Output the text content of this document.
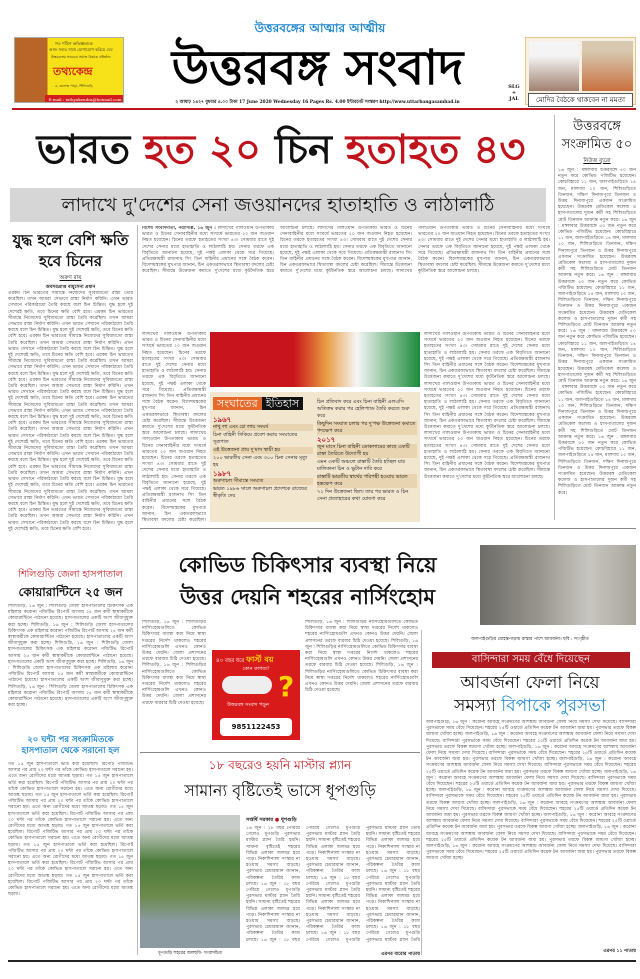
গত পাঁচিশ অভিজ্ঞতাকে
আজ সবার সাথে যোগাযোগ করিয়ে দেয়
উত্তরবঙ্গের সবচেয়ে সমাজ বিষয়ক প্রতিষ্ঠান
তথ্যকেন্দ্র
৫, কলেজ পাড়া, শিলিগুড়ি
E-mail : tathyakendra@hotmail.com
উত্তরবঙ্গের আত্মার আত্মীয়
উত্তরবঙ্গ সংবাদ
২ আষাঢ় ১৪২৭ বুধবার ৪.০০ টাকা 17 June 2020 Wednesday 16 Pages Rs. 4.00 ইন্টারনেট সংস্করণ http://www.uttarbangasambad.in
SLG + JAL	মোদির বৈঠকে থাকবেন না মমতা
ভারত হত ২০ চিন হতাহত ৪৩
লাদাখে দু'দেশের সেনা জওয়ানদের হাতাহাতি ও লাঠালাঠি
উত্তরবঙ্গে সংক্রামিত ৫০
নিউজ ব্যুরো
১৬ জুন : মঙ্গলবার উত্তরবঙ্গে ৫০ জন নতুন করে কোভিড পজিটিভ হয়েছেন। কোচবিহারে ১১ জন, জলপাইগুড়িতে ১৪ জন, মালদায় ১০ জন, শিলিগুড়িতে তিনজন, দক্ষিণ দিনাজপুরে তিনজন ও উত্তর দিনাজপুরে একজন সংক্রামিত হয়েছেন। উত্তরবঙ্গ মেডিকেল কলেজ ও হাসপাতালের দুজন কর্মী সহ শিলিগুড়িতে মোট তিনজন আক্রান্ত নতুন করে। ১৬ জুন : মঙ্গলবার উত্তরবঙ্গে ৫০ জন নতুন করে কোভিড পজিটিভ হয়েছেন। কোচবিহারে ১১ জন, জলপাইগুড়িতে ১৪ জন, মালদায় ১০ জন, শিলিগুড়িতে তিনজন, দক্ষিণ দিনাজপুরে তিনজন ও উত্তর দিনাজপুরে একজন সংক্রামিত হয়েছেন। উত্তরবঙ্গ মেডিকেল কলেজ ও হাসপাতালের দুজন কর্মী সহ শিলিগুড়িতে মোট তিনজন আক্রান্ত নতুন করে। ১৬ জুন : মঙ্গলবার উত্তরবঙ্গে ৫০ জন নতুন করে কোভিড পজিটিভ হয়েছেন। কোচবিহারে ১১ জন, জলপাইগুড়িতে ১৪ জন, মালদায় ১০ জন, শিলিগুড়িতে তিনজন, দক্ষিণ দিনাজপুরে তিনজন ও উত্তর দিনাজপুরে একজন সংক্রামিত হয়েছেন। উত্তরবঙ্গ মেডিকেল কলেজ ও হাসপাতালের দুজন কর্মী সহ শিলিগুড়িতে মোট তিনজন আক্রান্ত নতুন করে। ১৬ জুন : মঙ্গলবার উত্তরবঙ্গে ৫০ জন নতুন করে কোভিড পজিটিভ হয়েছেন। কোচবিহারে ১১ জন, জলপাইগুড়িতে ১৪ জন, মালদায় ১০ জন, শিলিগুড়িতে তিনজন, দক্ষিণ দিনাজপুরে তিনজন ও উত্তর দিনাজপুরে একজন সংক্রামিত হয়েছেন। উত্তরবঙ্গ মেডিকেল কলেজ ও হাসপাতালের দুজন কর্মী সহ শিলিগুড়িতে মোট তিনজন আক্রান্ত নতুন করে। ১৬ জুন : মঙ্গলবার উত্তরবঙ্গে ৫০ জন নতুন করে কোভিড পজিটিভ হয়েছেন। কোচবিহারে ১১ জন, জলপাইগুড়িতে ১৪ জন, মালদায় ১০ জন, শিলিগুড়িতে তিনজন, দক্ষিণ দিনাজপুরে তিনজন ও উত্তর দিনাজপুরে একজন সংক্রামিত হয়েছেন। উত্তরবঙ্গ মেডিকেল কলেজ ও হাসপাতালের দুজন কর্মী সহ শিলিগুড়িতে মোট তিনজন আক্রান্ত নতুন করে। ১৬ জুন : মঙ্গলবার উত্তরবঙ্গে ৫০ জন নতুন করে কোভিড পজিটিভ হয়েছেন। কোচবিহারে ১১ জন, জলপাইগুড়িতে ১৪ জন, মালদায় ১০ জন, শিলিগুড়িতে তিনজন, দক্ষিণ দিনাজপুরে তিনজন ও উত্তর দিনাজপুরে একজন সংক্রামিত হয়েছেন। উত্তরবঙ্গ মেডিকেল কলেজ ও হাসপাতালের দুজন কর্মী সহ শিলিগুড়িতে মোট তিনজন আক্রান্ত নতুন করে।
যুদ্ধ হলে বেশি ক্ষতি হবে চিনের
অরুণ রায়
অবসরপ্রাপ্ত বায়ুসেনা প্রধান
এরকম চিন ভারতের সীমান্তে নিজেদের সুবিধামতো রাস্তা তৈরি করেছিল। তখন আমরা সেভাবে রাস্তা নির্মাণ করিনি। এখন ভারত সেখানে পরিকাঠামো তৈরি করছে বলে চিন চিন্তিত। যুদ্ধ হলে দুই দেশেরই ক্ষতি, তবে চিনের ক্ষতি বেশি হবে। এরকম চিন ভারতের সীমান্তে নিজেদের সুবিধামতো রাস্তা তৈরি করেছিল। তখন আমরা সেভাবে রাস্তা নির্মাণ করিনি। এখন ভারত সেখানে পরিকাঠামো তৈরি করছে বলে চিন চিন্তিত। যুদ্ধ হলে দুই দেশেরই ক্ষতি, তবে চিনের ক্ষতি বেশি হবে। এরকম চিন ভারতের সীমান্তে নিজেদের সুবিধামতো রাস্তা তৈরি করেছিল। তখন আমরা সেভাবে রাস্তা নির্মাণ করিনি। এখন ভারত সেখানে পরিকাঠামো তৈরি করছে বলে চিন চিন্তিত। যুদ্ধ হলে দুই দেশেরই ক্ষতি, তবে চিনের ক্ষতি বেশি হবে। এরকম চিন ভারতের সীমান্তে নিজেদের সুবিধামতো রাস্তা তৈরি করেছিল। তখন আমরা সেভাবে রাস্তা নির্মাণ করিনি। এখন ভারত সেখানে পরিকাঠামো তৈরি করছে বলে চিন চিন্তিত। যুদ্ধ হলে দুই দেশেরই ক্ষতি, তবে চিনের ক্ষতি বেশি হবে। এরকম চিন ভারতের সীমান্তে নিজেদের সুবিধামতো রাস্তা তৈরি করেছিল। তখন আমরা সেভাবে রাস্তা নির্মাণ করিনি। এখন ভারত সেখানে পরিকাঠামো তৈরি করছে বলে চিন চিন্তিত। যুদ্ধ হলে দুই দেশেরই ক্ষতি, তবে চিনের ক্ষতি বেশি হবে। এরকম চিন ভারতের সীমান্তে নিজেদের সুবিধামতো রাস্তা তৈরি করেছিল। তখন আমরা সেভাবে রাস্তা নির্মাণ করিনি। এখন ভারত সেখানে পরিকাঠামো তৈরি করছে বলে চিন চিন্তিত। যুদ্ধ হলে দুই দেশেরই ক্ষতি, তবে চিনের ক্ষতি বেশি হবে। এরকম চিন ভারতের সীমান্তে নিজেদের সুবিধামতো রাস্তা তৈরি করেছিল। তখন আমরা সেভাবে রাস্তা নির্মাণ করিনি। এখন ভারত সেখানে পরিকাঠামো তৈরি করছে বলে চিন চিন্তিত। যুদ্ধ হলে দুই দেশেরই ক্ষতি, তবে চিনের ক্ষতি বেশি হবে। এরকম চিন ভারতের সীমান্তে নিজেদের সুবিধামতো রাস্তা তৈরি করেছিল। তখন আমরা সেভাবে রাস্তা নির্মাণ করিনি। এখন ভারত সেখানে পরিকাঠামো তৈরি করছে বলে চিন চিন্তিত। যুদ্ধ হলে দুই দেশেরই ক্ষতি, তবে চিনের ক্ষতি বেশি হবে। এরকম চিন ভারতের সীমান্তে নিজেদের সুবিধামতো রাস্তা তৈরি করেছিল। তখন আমরা সেভাবে রাস্তা নির্মাণ করিনি। এখন ভারত সেখানে পরিকাঠামো তৈরি করছে বলে চিন চিন্তিত। যুদ্ধ হলে দুই দেশেরই ক্ষতি, তবে চিনের ক্ষতি বেশি হবে। এরকম চিন ভারতের সীমান্তে নিজেদের সুবিধামতো রাস্তা তৈরি করেছিল। তখন আমরা সেভাবে রাস্তা নির্মাণ করিনি। এখন ভারত সেখানে পরিকাঠামো তৈরি করছে বলে চিন চিন্তিত। যুদ্ধ হলে দুই দেশেরই ক্ষতি, তবে চিনের ক্ষতি বেশি হবে। এরকম চিন ভারতের সীমান্তে নিজেদের সুবিধামতো রাস্তা তৈরি করেছিল। তখন আমরা সেভাবে রাস্তা নির্মাণ করিনি। এখন ভারত সেখানে পরিকাঠামো তৈরি করছে বলে চিন চিন্তিত। যুদ্ধ হলে দুই দেশেরই ক্ষতি, তবে চিনের ক্ষতি বেশি হবে।
বিশেষ সংবাদদাতা, নয়াদিল্লি, ১৬ জুন : লাদাখের গালওয়ান উপত্যকায় ভারত ও চিনের সেনাবাহিনীর মধ্যে সংঘর্ষে ভারতের ২০ জন জওয়ান নিহত হয়েছেন। চিনের তরফে হতাহতের সংখ্যা ৪৩। সোমবার রাতে দুই দেশের সেনার মধ্যে হাতাহাতি ও লাঠালাঠি হয়। সেনার তরফে এক বিবৃতিতে জানানো হয়েছে, দুই পক্ষই এলাকা থেকে সরে গিয়েছে। প্রতিরক্ষামন্ত্রী রাজনাথ সিং তিন বাহিনীর প্রধানের সঙ্গে বৈঠক করেন। বিদেশমন্ত্রকের মুখপাত্র জানান, চিন একতরফাভাবে স্থিতাবস্থা বদলের চেষ্টা করেছিল। সীমান্তে উত্তেজনা কমাতে দু'দেশের মধ্যে কূটনৈতিক স্তরে আলোচনা চলছে। লাদাখের গালওয়ান উপত্যকায় ভারত ও চিনের সেনাবাহিনীর মধ্যে সংঘর্ষে ভারতের ২০ জন জওয়ান নিহত হয়েছেন। চিনের তরফে হতাহতের সংখ্যা ৪৩। সোমবার রাতে দুই দেশের সেনার মধ্যে হাতাহাতি ও লাঠালাঠি হয়। সেনার তরফে এক বিবৃতিতে জানানো হয়েছে, দুই পক্ষই এলাকা থেকে সরে গিয়েছে। প্রতিরক্ষামন্ত্রী রাজনাথ সিং তিন বাহিনীর প্রধানের সঙ্গে বৈঠক করেন। বিদেশমন্ত্রকের মুখপাত্র জানান, চিন একতরফাভাবে স্থিতাবস্থা বদলের চেষ্টা করেছিল। সীমান্তে উত্তেজনা কমাতে দু'দেশের মধ্যে কূটনৈতিক স্তরে আলোচনা চলছে। লাদাখের গালওয়ান উপত্যকায় ভারত ও চিনের সেনাবাহিনীর মধ্যে সংঘর্ষে ভারতের ২০ জন জওয়ান নিহত হয়েছেন। চিনের তরফে হতাহতের সংখ্যা ৪৩। সোমবার রাতে দুই দেশের সেনার মধ্যে হাতাহাতি ও লাঠালাঠি হয়। সেনার তরফে এক বিবৃতিতে জানানো হয়েছে, দুই পক্ষই এলাকা থেকে সরে গিয়েছে। প্রতিরক্ষামন্ত্রী রাজনাথ সিং তিন বাহিনীর প্রধানের সঙ্গে বৈঠক করেন। বিদেশমন্ত্রকের মুখপাত্র জানান, চিন একতরফাভাবে স্থিতাবস্থা বদলের চেষ্টা করেছিল। সীমান্তে উত্তেজনা কমাতে দু'দেশের মধ্যে কূটনৈতিক স্তরে আলোচনা চলছে।
লাদাখের গালওয়ান উপত্যকায় ভারত ও চিনের সেনাবাহিনীর মধ্যে সংঘর্ষে ভারতের ২০ জন জওয়ান নিহত হয়েছেন। চিনের তরফে হতাহতের সংখ্যা ৪৩। সোমবার রাতে দুই দেশের সেনার মধ্যে হাতাহাতি ও লাঠালাঠি হয়। সেনার তরফে এক বিবৃতিতে জানানো হয়েছে, দুই পক্ষই এলাকা থেকে সরে গিয়েছে। প্রতিরক্ষামন্ত্রী রাজনাথ সিং তিন বাহিনীর প্রধানের সঙ্গে বৈঠক করেন। বিদেশমন্ত্রকের মুখপাত্র জানান, চিন একতরফাভাবে স্থিতাবস্থা বদলের চেষ্টা করেছিল। সীমান্তে উত্তেজনা কমাতে দু'দেশের মধ্যে কূটনৈতিক স্তরে আলোচনা চলছে। লাদাখের গালওয়ান উপত্যকায় ভারত ও চিনের সেনাবাহিনীর মধ্যে সংঘর্ষে ভারতের ২০ জন জওয়ান নিহত হয়েছেন। চিনের তরফে হতাহতের সংখ্যা ৪৩। সোমবার রাতে দুই দেশের সেনার মধ্যে হাতাহাতি ও লাঠালাঠি হয়। সেনার তরফে এক বিবৃতিতে জানানো হয়েছে, দুই পক্ষই এলাকা থেকে সরে গিয়েছে। প্রতিরক্ষামন্ত্রী রাজনাথ সিং তিন বাহিনীর প্রধানের সঙ্গে বৈঠক করেন। বিদেশমন্ত্রকের মুখপাত্র জানান, চিন একতরফাভাবে স্থিতাবস্থা বদলের চেষ্টা করেছিল।
লাদাখের গালওয়ান উপত্যকায় ভারত ও চিনের সেনাবাহিনীর মধ্যে সংঘর্ষে ভারতের ২০ জন জওয়ান নিহত হয়েছেন। চিনের তরফে হতাহতের সংখ্যা ৪৩। সোমবার রাতে দুই দেশের সেনার মধ্যে হাতাহাতি ও লাঠালাঠি হয়। সেনার তরফে এক বিবৃতিতে জানানো হয়েছে, দুই পক্ষই এলাকা থেকে সরে গিয়েছে। প্রতিরক্ষামন্ত্রী রাজনাথ সিং তিন বাহিনীর প্রধানের সঙ্গে বৈঠক করেন। বিদেশমন্ত্রকের মুখপাত্র জানান, চিন একতরফাভাবে স্থিতাবস্থা বদলের চেষ্টা করেছিল। সীমান্তে উত্তেজনা কমাতে দু'দেশের মধ্যে কূটনৈতিক স্তরে আলোচনা চলছে। লাদাখের গালওয়ান উপত্যকায় ভারত ও চিনের সেনাবাহিনীর মধ্যে সংঘর্ষে ভারতের ২০ জন জওয়ান নিহত হয়েছেন। চিনের তরফে হতাহতের সংখ্যা ৪৩। সোমবার রাতে দুই দেশের সেনার মধ্যে হাতাহাতি ও লাঠালাঠি হয়। সেনার তরফে এক বিবৃতিতে জানানো হয়েছে, দুই পক্ষই এলাকা থেকে সরে গিয়েছে। প্রতিরক্ষামন্ত্রী রাজনাথ সিং তিন বাহিনীর প্রধানের সঙ্গে বৈঠক করেন। বিদেশমন্ত্রকের মুখপাত্র জানান, চিন একতরফাভাবে স্থিতাবস্থা বদলের চেষ্টা করেছিল। সীমান্তে উত্তেজনা কমাতে দু'দেশের মধ্যে কূটনৈতিক স্তরে আলোচনা চলছে। লাদাখের গালওয়ান উপত্যকায় ভারত ও চিনের সেনাবাহিনীর মধ্যে সংঘর্ষে ভারতের ২০ জন জওয়ান নিহত হয়েছেন। চিনের তরফে হতাহতের সংখ্যা ৪৩। সোমবার রাতে দুই দেশের সেনার মধ্যে হাতাহাতি ও লাঠালাঠি হয়। সেনার তরফে এক বিবৃতিতে জানানো হয়েছে, দুই পক্ষই এলাকা থেকে সরে গিয়েছে। প্রতিরক্ষামন্ত্রী রাজনাথ সিং তিন বাহিনীর প্রধানের সঙ্গে বৈঠক করেন। বিদেশমন্ত্রকের মুখপাত্র জানান, চিন একতরফাভাবে স্থিতাবস্থা বদলের চেষ্টা করেছিল। সীমান্তে উত্তেজনা কমাতে দু'দেশের মধ্যে কূটনৈতিক স্তরে আলোচনা চলছে।
সংঘাতের ইতিহাস
১৯৬৭
নাথু লা এবং চো লায় সংঘর্ষ
চিনা বাহিনী সিকিমে প্রবেশ করায় সংঘাতের সূত্রপাত
এই উত্তেজনা প্রায় দু'মাস স্থায়ী হয়
২০০ ভারতীয় সেনা এবং ৩০০ চিনা সেনার মৃত্যু হয়
১৯৮৭
অরুণাচল সীমান্তে সংঘাত
ভারত ১৯৮৬ সালে অরুণাচল প্রদেশকে রাজ্যের স্বীকৃতি দেয়
চিন প্রতিবাদ করে এবং চিনা বাহিনী এলএসি অতিক্রম করার পর হেলিপ্যাড তৈরি করতে শুরু করে
কিছুদিন সংঘাত চলার পর দু'পক্ষ উত্তেজনা কমাতে পদক্ষেপ করে
২০১৭
জুন মাসে চিনা বাহিনী ডোকলামের কাছে একটি রাস্তা তৈরিতে উদ্যোগী হয়
এমন একটি অঞ্চলে রাস্তাটি তৈরি হচ্ছিল যার মালিকানা চিন ও ভুটান দাবি করে
রাস্তাটি ভারতীয় স্বার্থের পরিপন্থী হওয়ায় ভারত হস্তক্ষেপ করে
৭২ দিন উত্তেজনা ছিল। তার পর ভারত ও চিন সেনা প্রত্যাহারের কথা ঘোষণা করে
শিলিগুড়ি জেলা হাসপাতাল
কোয়ারান্টিনে ২৫ জন
শিলিগুড়ি, ১৬ জুন : শিলিগুড়ি জেলা হাসপাতালের চিকিৎসক এক মহিলার করোনা পজিটিভ রিপোর্ট আসায় ২৫ জন কর্মী স্বাস্থ্যকর্মীকে কোয়ারান্টিনে পাঠানো হয়েছে। হাসপাতালের একটি অংশ জীবাণুমুক্ত করা হচ্ছে। শিলিগুড়ি, ১৬ জুন : শিলিগুড়ি জেলা হাসপাতালের চিকিৎসক এক মহিলার করোনা পজিটিভ রিপোর্ট আসায় ২৫ জন কর্মী স্বাস্থ্যকর্মীকে কোয়ারান্টিনে পাঠানো হয়েছে। হাসপাতালের একটি অংশ জীবাণুমুক্ত করা হচ্ছে। শিলিগুড়ি, ১৬ জুন : শিলিগুড়ি জেলা হাসপাতালের চিকিৎসক এক মহিলার করোনা পজিটিভ রিপোর্ট আসায় ২৫ জন কর্মী স্বাস্থ্যকর্মীকে কোয়ারান্টিনে পাঠানো হয়েছে। হাসপাতালের একটি অংশ জীবাণুমুক্ত করা হচ্ছে। শিলিগুড়ি, ১৬ জুন : শিলিগুড়ি জেলা হাসপাতালের চিকিৎসক এক মহিলার করোনা পজিটিভ রিপোর্ট আসায় ২৫ জন কর্মী স্বাস্থ্যকর্মীকে কোয়ারান্টিনে পাঠানো হয়েছে। হাসপাতালের একটি অংশ জীবাণুমুক্ত করা হচ্ছে। শিলিগুড়ি, ১৬ জুন : শিলিগুড়ি জেলা হাসপাতালের চিকিৎসক এক মহিলার করোনা পজিটিভ রিপোর্ট আসায় ২৫ জন কর্মী স্বাস্থ্যকর্মীকে কোয়ারান্টিনে পাঠানো হয়েছে। হাসপাতালের একটি অংশ জীবাণুমুক্ত করা হচ্ছে।
২০ ঘন্টা পর সংক্রামিতকে হাসপাতাল থেকে সরানো হল
গত ১৫ জুন হাসপাতালে ভর্তি করা হয়েছিল। রিপোর্ট পজিটিভ আসার পর প্রায় ২০ ঘন্টা পর তাঁকে কোভিড হাসপাতালে সরানো হয়। এতে অন্য রোগীদের মধ্যে আতঙ্ক ছড়ায়। গত ১৫ জুন হাসপাতালে ভর্তি করা হয়েছিল। রিপোর্ট পজিটিভ আসার পর প্রায় ২০ ঘন্টা পর তাঁকে কোভিড হাসপাতালে সরানো হয়। এতে অন্য রোগীদের মধ্যে আতঙ্ক ছড়ায়। গত ১৫ জুন হাসপাতালে ভর্তি করা হয়েছিল। রিপোর্ট পজিটিভ আসার পর প্রায় ২০ ঘন্টা পর তাঁকে কোভিড হাসপাতালে সরানো হয়। এতে অন্য রোগীদের মধ্যে আতঙ্ক ছড়ায়। গত ১৫ জুন হাসপাতালে ভর্তি করা হয়েছিল। রিপোর্ট পজিটিভ আসার পর প্রায় ২০ ঘন্টা পর তাঁকে কোভিড হাসপাতালে সরানো হয়। এতে অন্য রোগীদের মধ্যে আতঙ্ক ছড়ায়। গত ১৫ জুন হাসপাতালে ভর্তি করা হয়েছিল। রিপোর্ট পজিটিভ আসার পর প্রায় ২০ ঘন্টা পর তাঁকে কোভিড হাসপাতালে সরানো হয়। এতে অন্য রোগীদের মধ্যে আতঙ্ক ছড়ায়। গত ১৫ জুন হাসপাতালে ভর্তি করা হয়েছিল। রিপোর্ট পজিটিভ আসার পর প্রায় ২০ ঘন্টা পর তাঁকে কোভিড হাসপাতালে সরানো হয়। এতে অন্য রোগীদের মধ্যে আতঙ্ক ছড়ায়। গত ১৫ জুন হাসপাতালে ভর্তি করা হয়েছিল। রিপোর্ট পজিটিভ আসার পর প্রায় ২০ ঘন্টা পর তাঁকে কোভিড হাসপাতালে সরানো হয়। এতে অন্য রোগীদের মধ্যে আতঙ্ক ছড়ায়। গত ১৫ জুন হাসপাতালে ভর্তি করা হয়েছিল। রিপোর্ট পজিটিভ আসার পর প্রায় ২০ ঘন্টা পর তাঁকে কোভিড হাসপাতালে সরানো হয়। এতে অন্য রোগীদের মধ্যে আতঙ্ক ছড়ায়।
কোভিড চিকিৎসার ব্যবস্থা নিয়ে
উত্তর দেয়নি শহরের নার্সিংহোম
শিলিগুড়ি, ১৬ জুন : শিলিগুড়ির নার্সিংহোমগুলিতে কোভিড চিকিৎসার ব্যবস্থা করা নিয়ে স্বাস্থ্য দপ্তরের নির্দেশ থাকলেও শহরের নার্সিংহোমগুলি এখনও কোনও উত্তর দেয়নি। জেলা প্রশাসনের তরফে বারবার চিঠি দেওয়া হয়েছে। শিলিগুড়ি, ১৬ জুন : শিলিগুড়ির নার্সিংহোমগুলিতে কোভিড চিকিৎসার ব্যবস্থা করা নিয়ে স্বাস্থ্য দপ্তরের নির্দেশ থাকলেও শহরের নার্সিংহোমগুলি এখনও কোনও উত্তর দেয়নি। জেলা প্রশাসনের তরফে বারবার চিঠি দেওয়া হয়েছে।
শিলিগুড়ি, ১৬ জুন : শিলিগুড়ির নার্সিংহোমগুলিতে কোভিড চিকিৎসার ব্যবস্থা করা নিয়ে স্বাস্থ্য দপ্তরের নির্দেশ থাকলেও শহরের নার্সিংহোমগুলি এখনও কোনও উত্তর দেয়নি। জেলা প্রশাসনের তরফে বারবার চিঠি দেওয়া হয়েছে। শিলিগুড়ি, ১৬ জুন : শিলিগুড়ির নার্সিংহোমগুলিতে কোভিড চিকিৎসার ব্যবস্থা করা নিয়ে স্বাস্থ্য দপ্তরের নির্দেশ থাকলেও শহরের নার্সিংহোমগুলি এখনও কোনও উত্তর দেয়নি। জেলা প্রশাসনের তরফে বারবার চিঠি দেওয়া হয়েছে। শিলিগুড়ি, ১৬ জুন : শিলিগুড়ির নার্সিংহোমগুলিতে কোভিড চিকিৎসার ব্যবস্থা করা নিয়ে স্বাস্থ্য দপ্তরের নির্দেশ থাকলেও শহরের নার্সিংহোমগুলি এখনও কোনও উত্তর দেয়নি। জেলা প্রশাসনের তরফে বারবার চিঠি দেওয়া হয়েছে।
৪০ বছর ধরে ফার্স্ট বয়
কোন কাগজ?
?
উত্তরবঙ্গ সংবাদ পড়ুন
9851122453
জলপাইগুড়ির মোহন্তপাড়ায় রাস্তার পাশে আবর্জনা। ছবি : সংগৃহীত
বাসিন্দারা সময় বেঁধে দিয়েছেন
আবর্জনা ফেলা নিয়ে
সমস্যা বিপাকে পুরসভা
জলপাইগুড়ি, ১৬ জুন : করোনা আবহে সংক্রমণের আশঙ্কায় আবর্জনা ফেলা নিয়ে সমস্যা দেখা দিয়েছে। বাসিন্দারা পুরসভাকে সময় বেঁধে দিয়েছেন। শহরের ২৫টি ওয়ার্ডে প্রতিদিন কয়েক টন আবর্জনা জমা হয়। পুরসভার তরফে বিকল্প জায়গা খোঁজা হচ্ছে। জলপাইগুড়ি, ১৬ জুন : করোনা আবহে সংক্রমণের আশঙ্কায় আবর্জনা ফেলা নিয়ে সমস্যা দেখা দিয়েছে। বাসিন্দারা পুরসভাকে সময় বেঁধে দিয়েছেন। শহরের ২৫টি ওয়ার্ডে প্রতিদিন কয়েক টন আবর্জনা জমা হয়। পুরসভার তরফে বিকল্প জায়গা খোঁজা হচ্ছে। জলপাইগুড়ি, ১৬ জুন : করোনা আবহে সংক্রমণের আশঙ্কায় আবর্জনা ফেলা নিয়ে সমস্যা দেখা দিয়েছে। বাসিন্দারা পুরসভাকে সময় বেঁধে দিয়েছেন। শহরের ২৫টি ওয়ার্ডে প্রতিদিন কয়েক টন আবর্জনা জমা হয়। পুরসভার তরফে বিকল্প জায়গা খোঁজা হচ্ছে। জলপাইগুড়ি, ১৬ জুন : করোনা আবহে সংক্রমণের আশঙ্কায় আবর্জনা ফেলা নিয়ে সমস্যা দেখা দিয়েছে। বাসিন্দারা পুরসভাকে সময় বেঁধে দিয়েছেন। শহরের ২৫টি ওয়ার্ডে প্রতিদিন কয়েক টন আবর্জনা জমা হয়। পুরসভার তরফে বিকল্প জায়গা খোঁজা হচ্ছে। জলপাইগুড়ি, ১৬ জুন : করোনা আবহে সংক্রমণের আশঙ্কায় আবর্জনা ফেলা নিয়ে সমস্যা দেখা দিয়েছে। বাসিন্দারা পুরসভাকে সময় বেঁধে দিয়েছেন। শহরের ২৫টি ওয়ার্ডে প্রতিদিন কয়েক টন আবর্জনা জমা হয়। পুরসভার তরফে বিকল্প জায়গা খোঁজা হচ্ছে। জলপাইগুড়ি, ১৬ জুন : করোনা আবহে সংক্রমণের আশঙ্কায় আবর্জনা ফেলা নিয়ে সমস্যা দেখা দিয়েছে। বাসিন্দারা পুরসভাকে সময় বেঁধে দিয়েছেন। শহরের ২৫টি ওয়ার্ডে প্রতিদিন কয়েক টন আবর্জনা জমা হয়। পুরসভার তরফে বিকল্প জায়গা খোঁজা হচ্ছে। জলপাইগুড়ি, ১৬ জুন : করোনা আবহে সংক্রমণের আশঙ্কায় আবর্জনা ফেলা নিয়ে সমস্যা দেখা দিয়েছে। বাসিন্দারা পুরসভাকে সময় বেঁধে দিয়েছেন। শহরের ২৫টি ওয়ার্ডে প্রতিদিন কয়েক টন আবর্জনা জমা হয়। পুরসভার তরফে বিকল্প জায়গা খোঁজা হচ্ছে। জলপাইগুড়ি, ১৬ জুন : করোনা আবহে সংক্রমণের আশঙ্কায় আবর্জনা ফেলা নিয়ে সমস্যা দেখা দিয়েছে। বাসিন্দারা পুরসভাকে সময় বেঁধে দিয়েছেন। শহরের ২৫টি ওয়ার্ডে প্রতিদিন কয়েক টন আবর্জনা জমা হয়। পুরসভার তরফে বিকল্প জায়গা খোঁজা হচ্ছে। জলপাইগুড়ি, ১৬ জুন : করোনা আবহে সংক্রমণের আশঙ্কায় আবর্জনা ফেলা নিয়ে সমস্যা দেখা দিয়েছে। বাসিন্দারা পুরসভাকে সময় বেঁধে দিয়েছেন। শহরের ২৫টি ওয়ার্ডে প্রতিদিন কয়েক টন আবর্জনা জমা হয়। পুরসভার তরফে বিকল্প জায়গা খোঁজা হচ্ছে। জলপাইগুড়ি, ১৬ জুন : করোনা আবহে সংক্রমণের আশঙ্কায় আবর্জনা ফেলা নিয়ে সমস্যা দেখা দিয়েছে। বাসিন্দারা পুরসভাকে সময় বেঁধে দিয়েছেন। শহরের ২৫টি ওয়ার্ডে প্রতিদিন কয়েক টন আবর্জনা জমা হয়। পুরসভার তরফে বিকল্প জায়গা খোঁজা হচ্ছে।
এরপর ১১ পাতায়
১৮ বছরেও হয়নি মাস্টার প্ল্যান
সামান্য বৃষ্টিতেই ভাসে ধূপগুড়ি
ধূপগুড়ি শহরের জলছবি- সংবাদচিত্র
সপ্তর্ষি সরকার ● ধূপগুড়ি
১৬ জুন : ১৮ বছর পেরিয়ে গেলেও ধূপগুড়ি পুরসভার মাস্টার প্ল্যান তৈরি হয়নি। সামান্য বৃষ্টিতেই শহরের বিভিন্ন এলাকা জলমগ্ন হয়ে পড়ে। নিকাশিনালা সংস্কার না হওয়ায় সমস্যা বাড়ছে। পুরসভার চেয়ারম্যান জানান, পরিকল্পনা তৈরির কাজ চলছে। ১৬ জুন : ১৮ বছর পেরিয়ে গেলেও ধূপগুড়ি পুরসভার মাস্টার প্ল্যান তৈরি হয়নি। সামান্য বৃষ্টিতেই শহরের বিভিন্ন এলাকা জলমগ্ন হয়ে পড়ে। নিকাশিনালা সংস্কার না হওয়ায় সমস্যা বাড়ছে। পুরসভার চেয়ারম্যান জানান, পরিকল্পনা তৈরির কাজ চলছে। ১৬ জুন : ১৮ বছর পেরিয়ে গেলেও ধূপগুড়ি পুরসভার মাস্টার প্ল্যান তৈরি হয়নি। সামান্য বৃষ্টিতেই শহরের বিভিন্ন এলাকা জলমগ্ন হয়ে পড়ে। নিকাশিনালা সংস্কার না হওয়ায় সমস্যা বাড়ছে। পুরসভার চেয়ারম্যান জানান, পরিকল্পনা তৈরির কাজ চলছে। ১৬ জুন : ১৮ বছর পেরিয়ে গেলেও ধূপগুড়ি পুরসভার মাস্টার প্ল্যান তৈরি হয়নি। সামান্য বৃষ্টিতেই শহরের বিভিন্ন এলাকা জলমগ্ন হয়ে পড়ে। নিকাশিনালা সংস্কার না হওয়ায় সমস্যা বাড়ছে। পুরসভার চেয়ারম্যান জানান, পরিকল্পনা তৈরির কাজ চলছে। ১৬ জুন : ১৮ বছর পেরিয়ে গেলেও ধূপগুড়ি পুরসভার মাস্টার প্ল্যান তৈরি হয়নি। সামান্য বৃষ্টিতেই শহরের বিভিন্ন এলাকা জলমগ্ন হয়ে পড়ে। নিকাশিনালা সংস্কার না হওয়ায় সমস্যা বাড়ছে। পুরসভার চেয়ারম্যান জানান, পরিকল্পনা তৈরির কাজ চলছে। ১৬ জুন : ১৮ বছর পেরিয়ে গেলেও ধূপগুড়ি পুরসভার মাস্টার প্ল্যান তৈরি হয়নি। সামান্য বৃষ্টিতেই শহরের বিভিন্ন এলাকা জলমগ্ন হয়ে পড়ে। নিকাশিনালা সংস্কার না হওয়ায় সমস্যা বাড়ছে। পুরসভার চেয়ারম্যান জানান, পরিকল্পনা তৈরির কাজ চলছে। ১৬ জুন : ১৮ বছর পেরিয়ে গেলেও ধূপগুড়ি পুরসভার মাস্টার প্ল্যান তৈরি
এরপর বারোর পাতায়
